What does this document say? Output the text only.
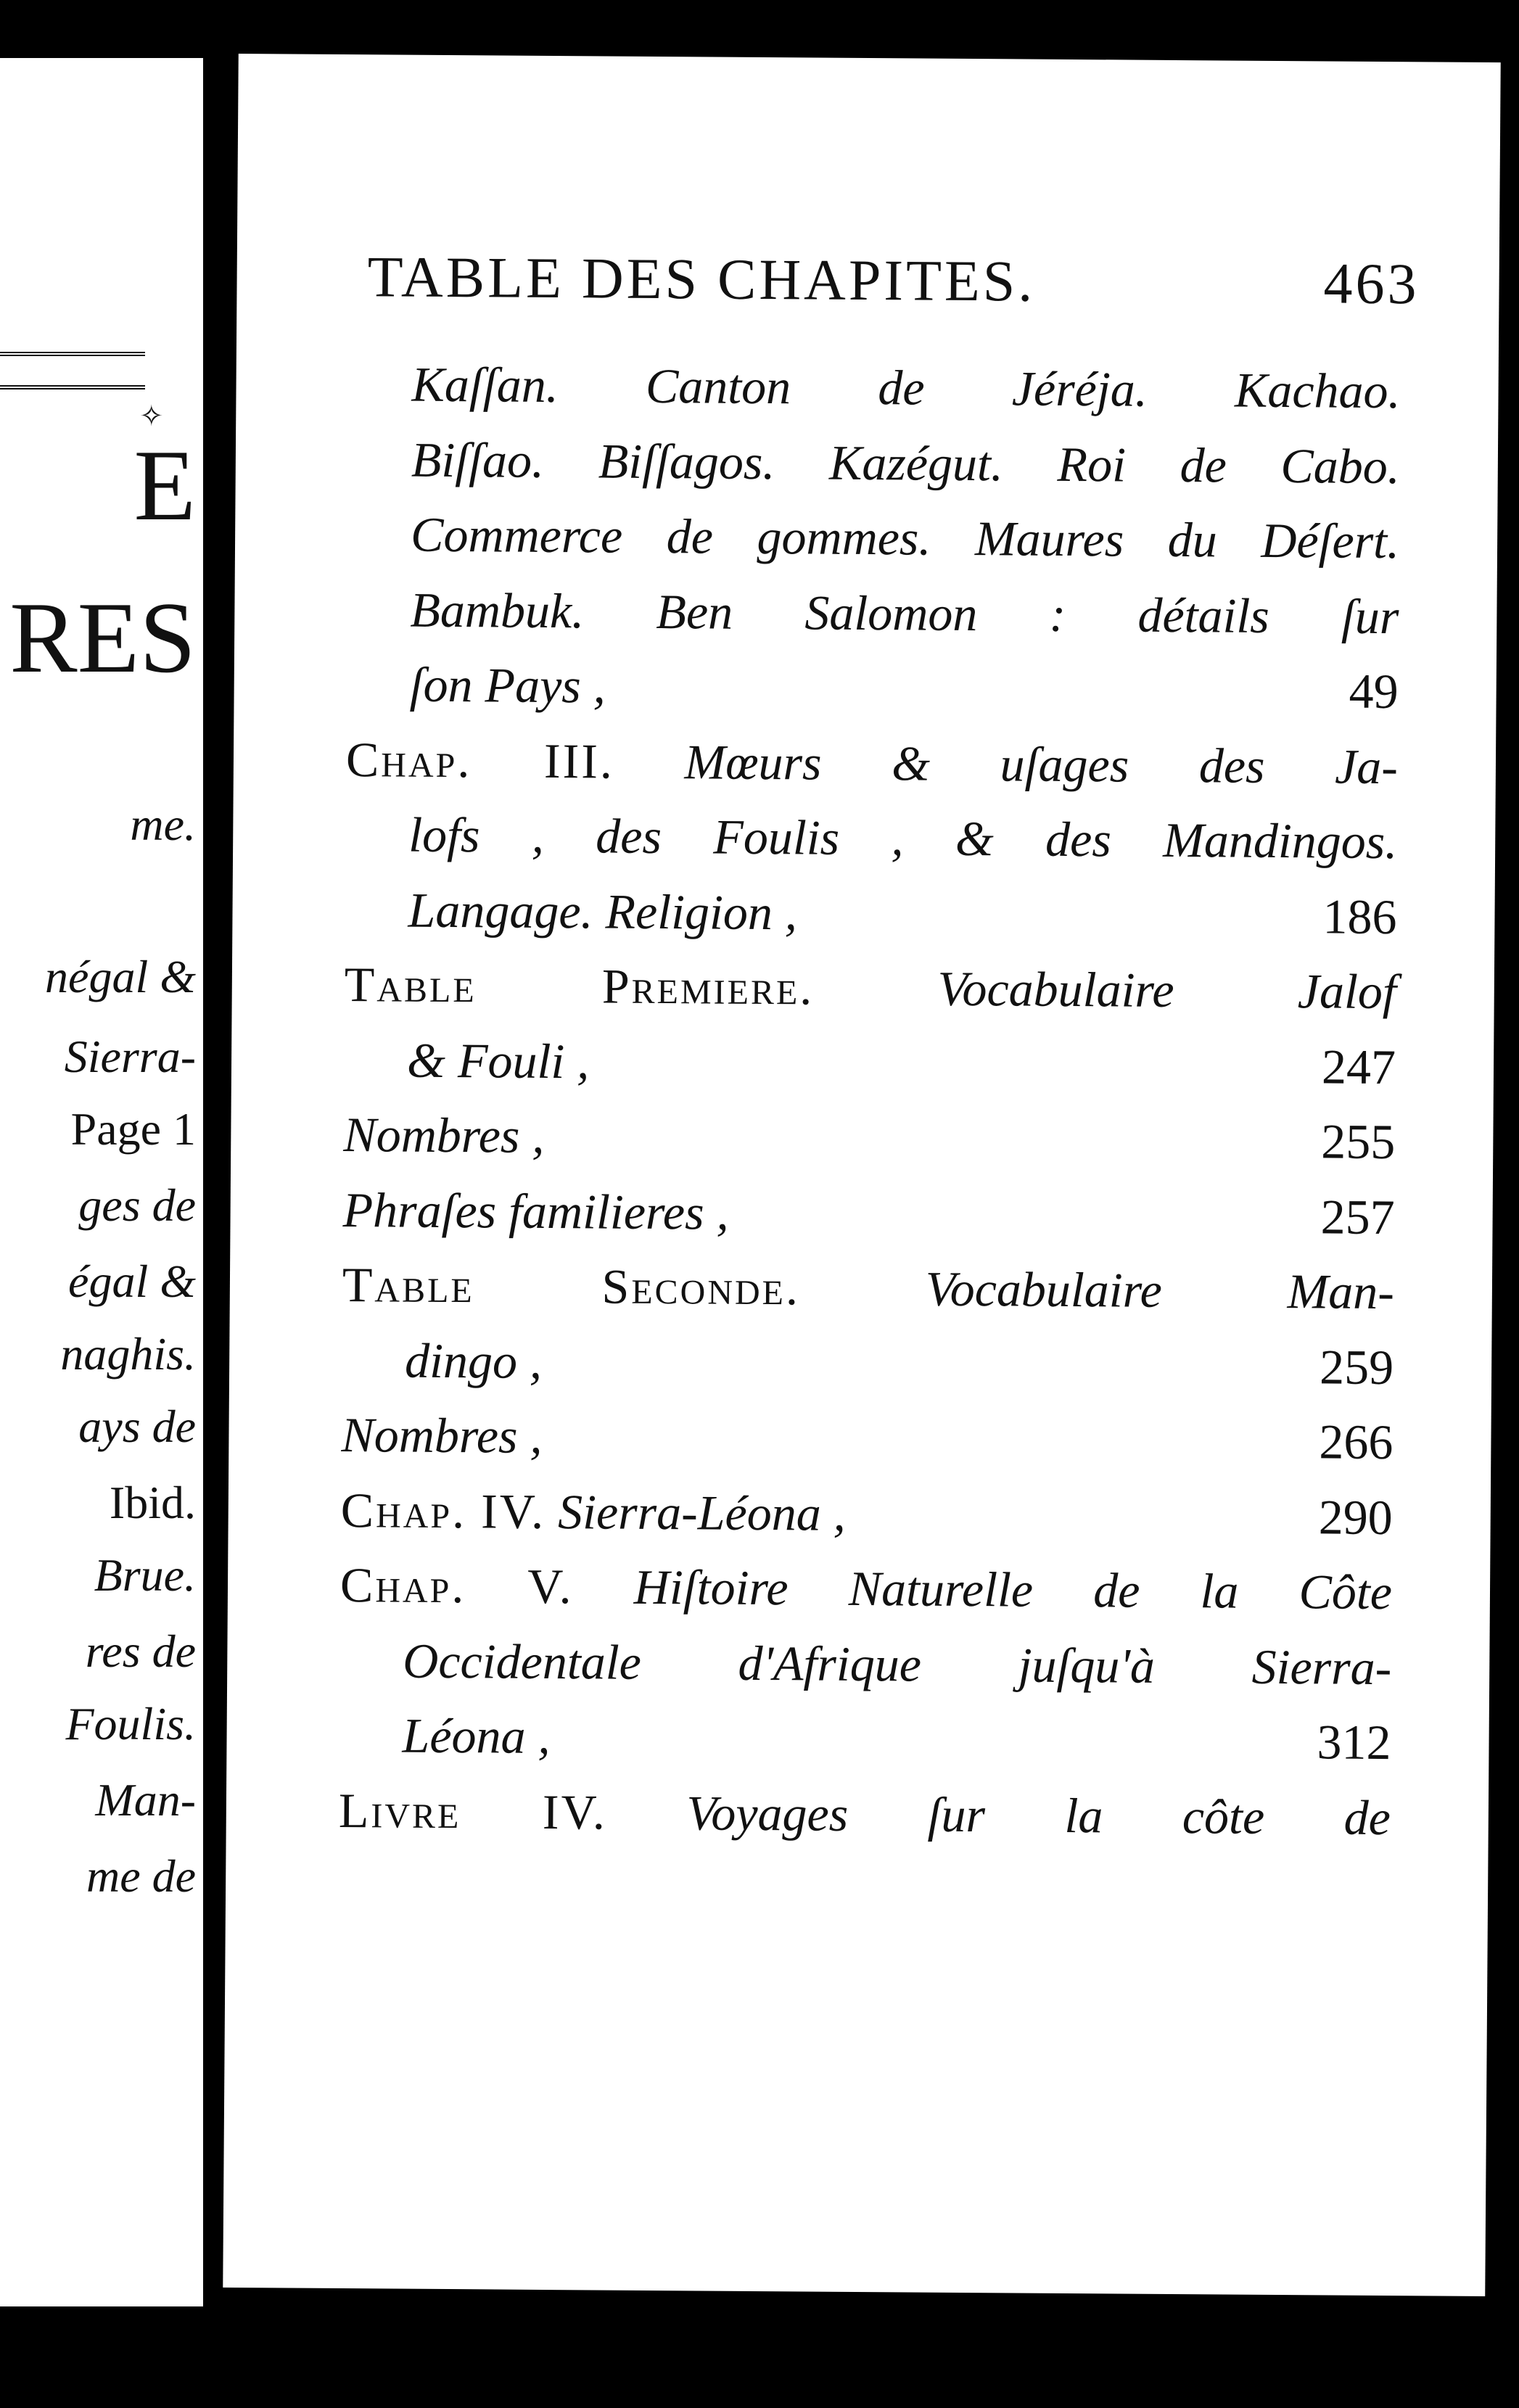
✧
E
RES
me.
négal &
Sierra-
Page 1
ges de
égal &
naghis.
ays de
Ibid.
Brue.
res de
Foulis.
Man-
me de
TABLE DES CHAPITES.	463
Kaſſan. Canton de Jéréja. Kachao.
Biſſao. Biſſagos. Kazégut. Roi de Cabo.
Commerce de gommes. Maures du Déſert.
Bambuk. Ben Salomon : détails ſur
ſon Pays ,	49
Chap. III. Mœurs & uſages des Ja-
lofs , des Foulis , & des Mandingos.
Langage. Religion ,	186
Table Premiere. Vocabulaire Jalof
& Fouli ,	247
Nombres ,	255
Phraſes familieres ,	257
Table Seconde.	Vocabulaire Man-
dingo ,	259
Nombres ,	266
Chap. IV. Sierra-Léona ,	290
Chap. V. Hiſtoire Naturelle de la Côte
Occidentale d'Afrique juſqu'à Sierra-
Léona ,	312
Livre IV. Voyages ſur la côte de
